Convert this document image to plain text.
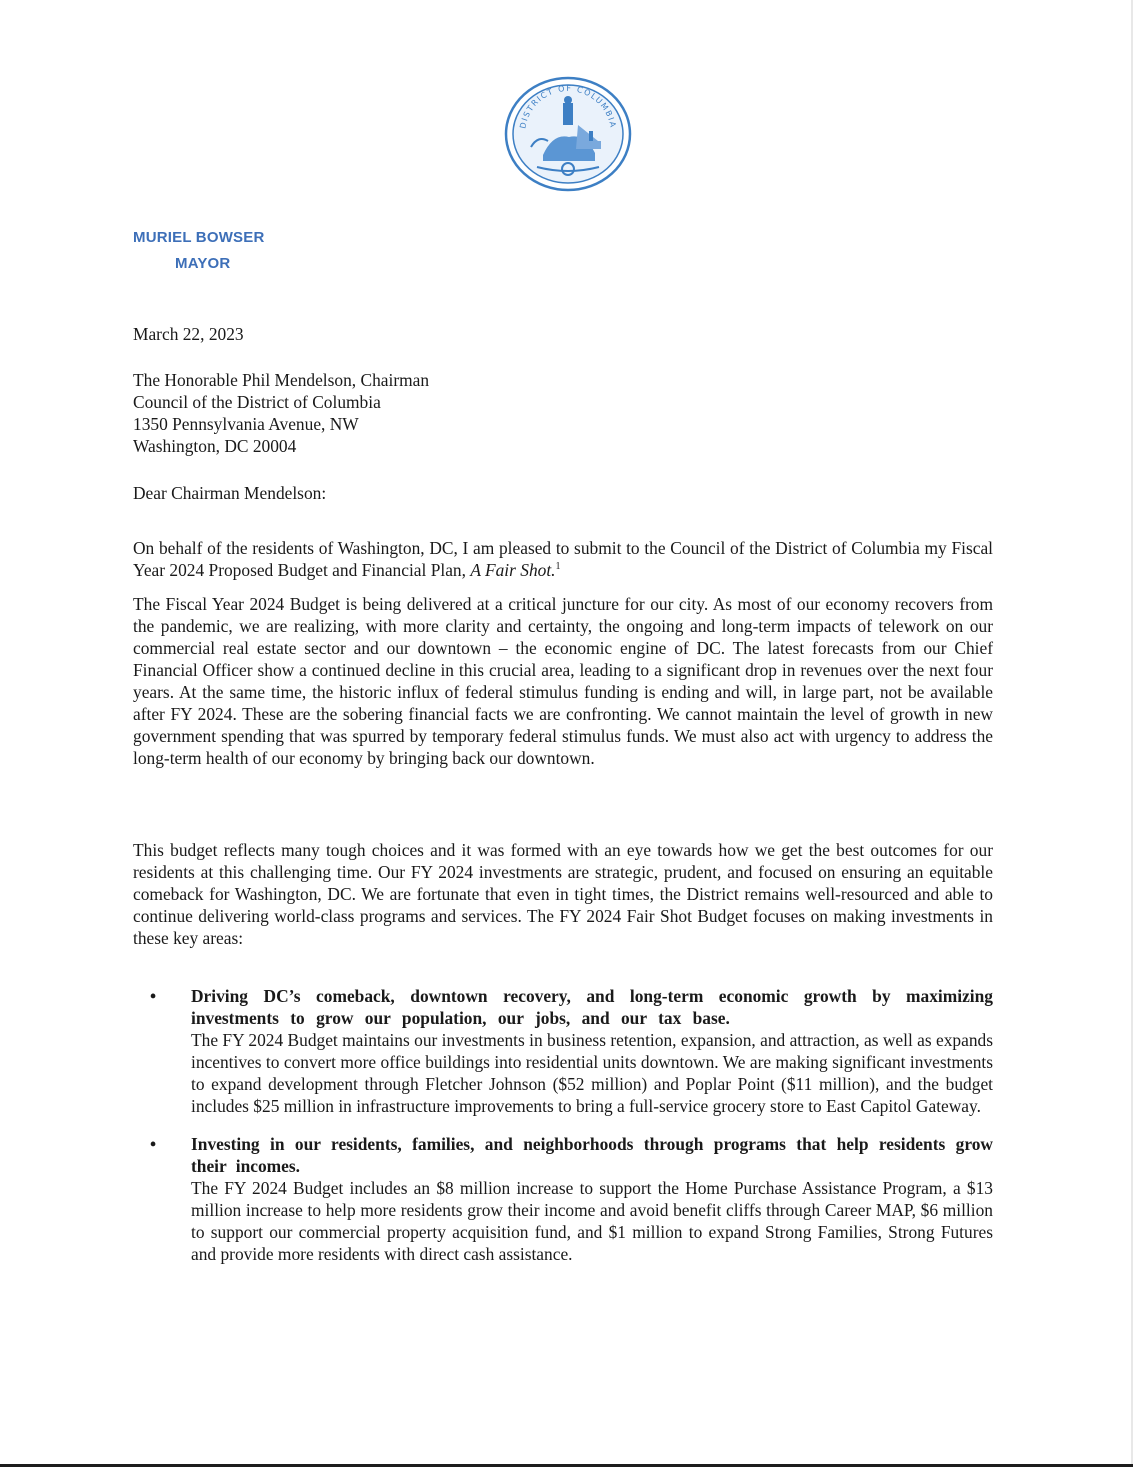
DISTRICT OF COLUMBIA
MURIEL BOWSER
MAYOR
March 22, 2023
The Honorable Phil Mendelson, Chairman
Council of the District of Columbia
1350 Pennsylvania Avenue, NW
Washington, DC 20004
Dear Chairman Mendelson:
On behalf of the residents of Washington, DC, I am pleased to submit to the Council of the District of Columbia my Fiscal Year 2024 Proposed Budget and Financial Plan, A Fair Shot.$^1$
The Fiscal Year 2024 Budget is being delivered at a critical juncture for our city. As most of our economy recovers from the pandemic, we are realizing, with more clarity and certainty, the ongoing and long-term impacts of telework on our commercial real estate sector and our downtown – the economic engine of DC. The latest forecasts from our Chief Financial Officer show a continued decline in this crucial area, leading to a significant drop in revenues over the next four years. At the same time, the historic influx of federal stimulus funding is ending and will, in large part, not be available after FY 2024. These are the sobering financial facts we are confronting. We cannot maintain the level of growth in new government spending that was spurred by temporary federal stimulus funds. We must also act with urgency to address the long-term health of our economy by bringing back our downtown.
This budget reflects many tough choices and it was formed with an eye towards how we get the best outcomes for our residents at this challenging time. Our FY 2024 investments are strategic, prudent, and focused on ensuring an equitable comeback for Washington, DC. We are fortunate that even in tight times, the District remains well-resourced and able to continue delivering world-class programs and services. The FY 2024 Fair Shot Budget focuses on making investments in these key areas:
• Driving DC’s comeback, downtown recovery, and long-term economic growth by maximizing investments to grow our population, our jobs, and our tax base.
The FY 2024 Budget maintains our investments in business retention, expansion, and attraction, as well as expands incentives to convert more office buildings into residential units downtown. We are making significant investments to expand development through Fletcher Johnson ($52 million) and Poplar Point ($11 million), and the budget includes $25 million in infrastructure improvements to bring a full-service grocery store to East Capitol Gateway.
• Investing in our residents, families, and neighborhoods through programs that help residents grow their incomes.
The FY 2024 Budget includes an $8 million increase to support the Home Purchase Assistance Program, a $13 million increase to help more residents grow their income and avoid benefit cliffs through Career MAP, $6 million to support our commercial property acquisition fund, and $1 million to expand Strong Families, Strong Futures and provide more residents with direct cash assistance.
